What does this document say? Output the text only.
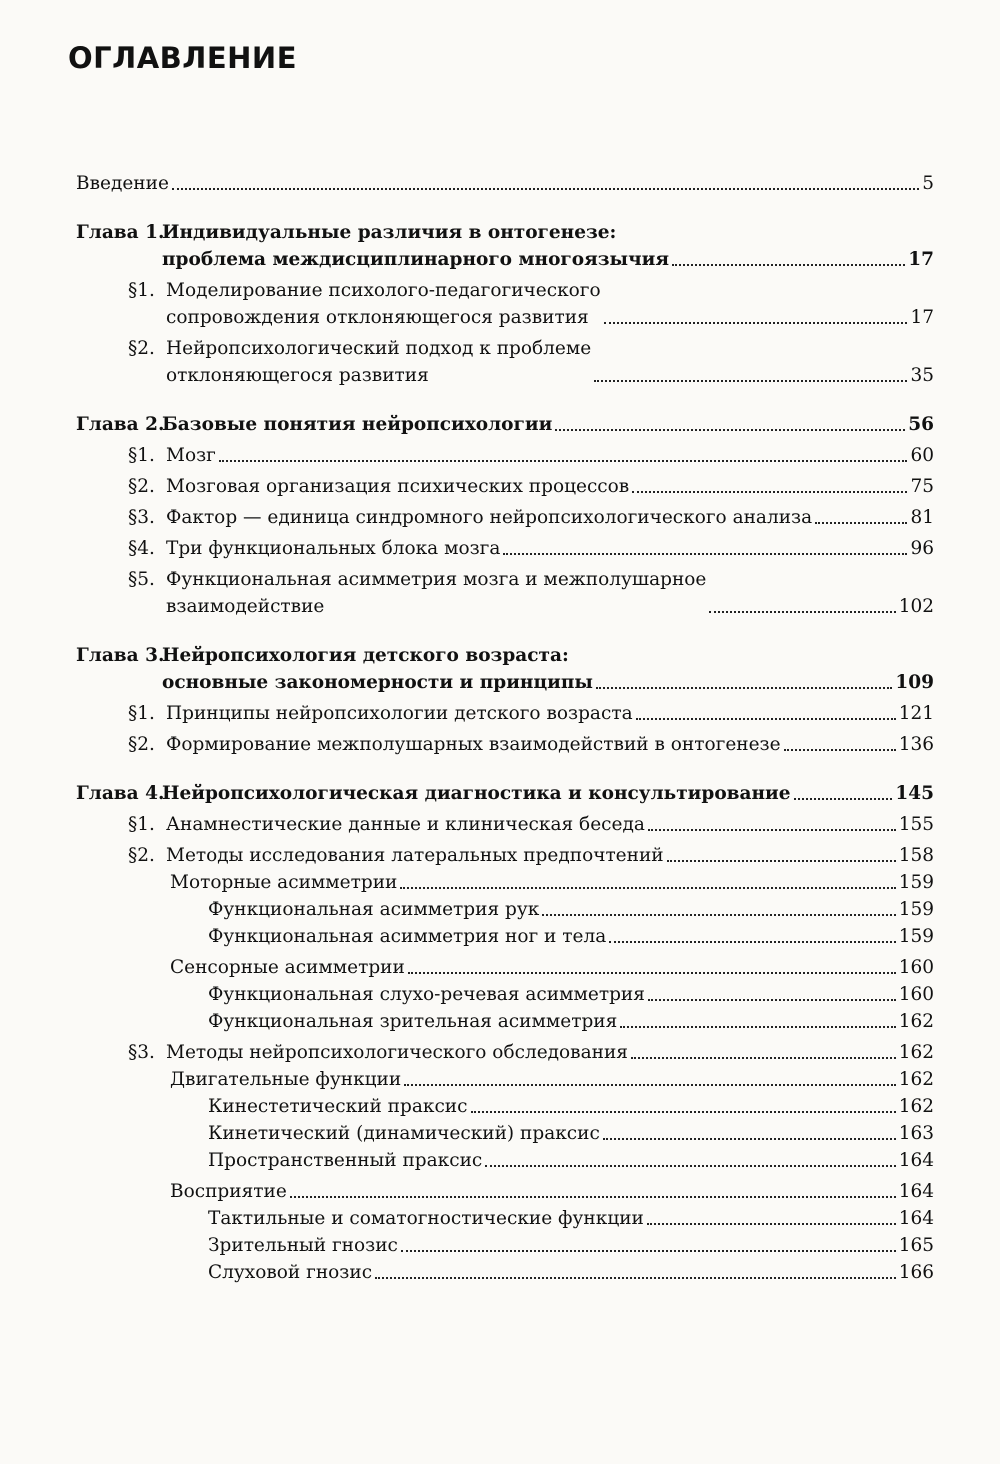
ОГЛАВЛЕНИЕ
Введение	5
Глава 1.
Индивидуальные различия в онтогенезе:
проблема междисциплинарного многоязычия	17
§1. Моделирование психолого-педагогического
сопровождения отклоняющегося развития	17
§2. Нейропсихологический подход к проблеме
отклоняющегося развития	35
Глава 2.
Базовые понятия нейропсихологии	56
§1. Мозг	60
§2. Мозговая организация психических процессов	75
§3. Фактор — единица синдромного нейропсихологического анализа	81
§4. Три функциональных блока мозга	96
§5. Функциональная асимметрия мозга и межполушарное
взаимодействие	102
Глава 3.
Нейропсихология детского возраста:
основные закономерности и принципы	109
§1. Принципы нейропсихологии детского возраста	121
§2. Формирование межполушарных взаимодействий в онтогенезе	136
Глава 4.
Нейропсихологическая диагностика и консультирование	145
§1. Анамнестические данные и клиническая беседа	155
§2. Методы исследования латеральных предпочтений	158
Моторные асимметрии	159
Функциональная асимметрия рук	159
Функциональная асимметрия ног и тела	159
Сенсорные асимметрии	160
Функциональная слухо-речевая асимметрия	160
Функциональная зрительная асимметрия	162
§3. Методы нейропсихологического обследования	162
Двигательные функции	162
Кинестетический праксис	162
Кинетический (динамический) праксис	163
Пространственный праксис	164
Восприятие	164
Тактильные и соматогностические функции	164
Зрительный гнозис	165
Слуховой гнозис	166
